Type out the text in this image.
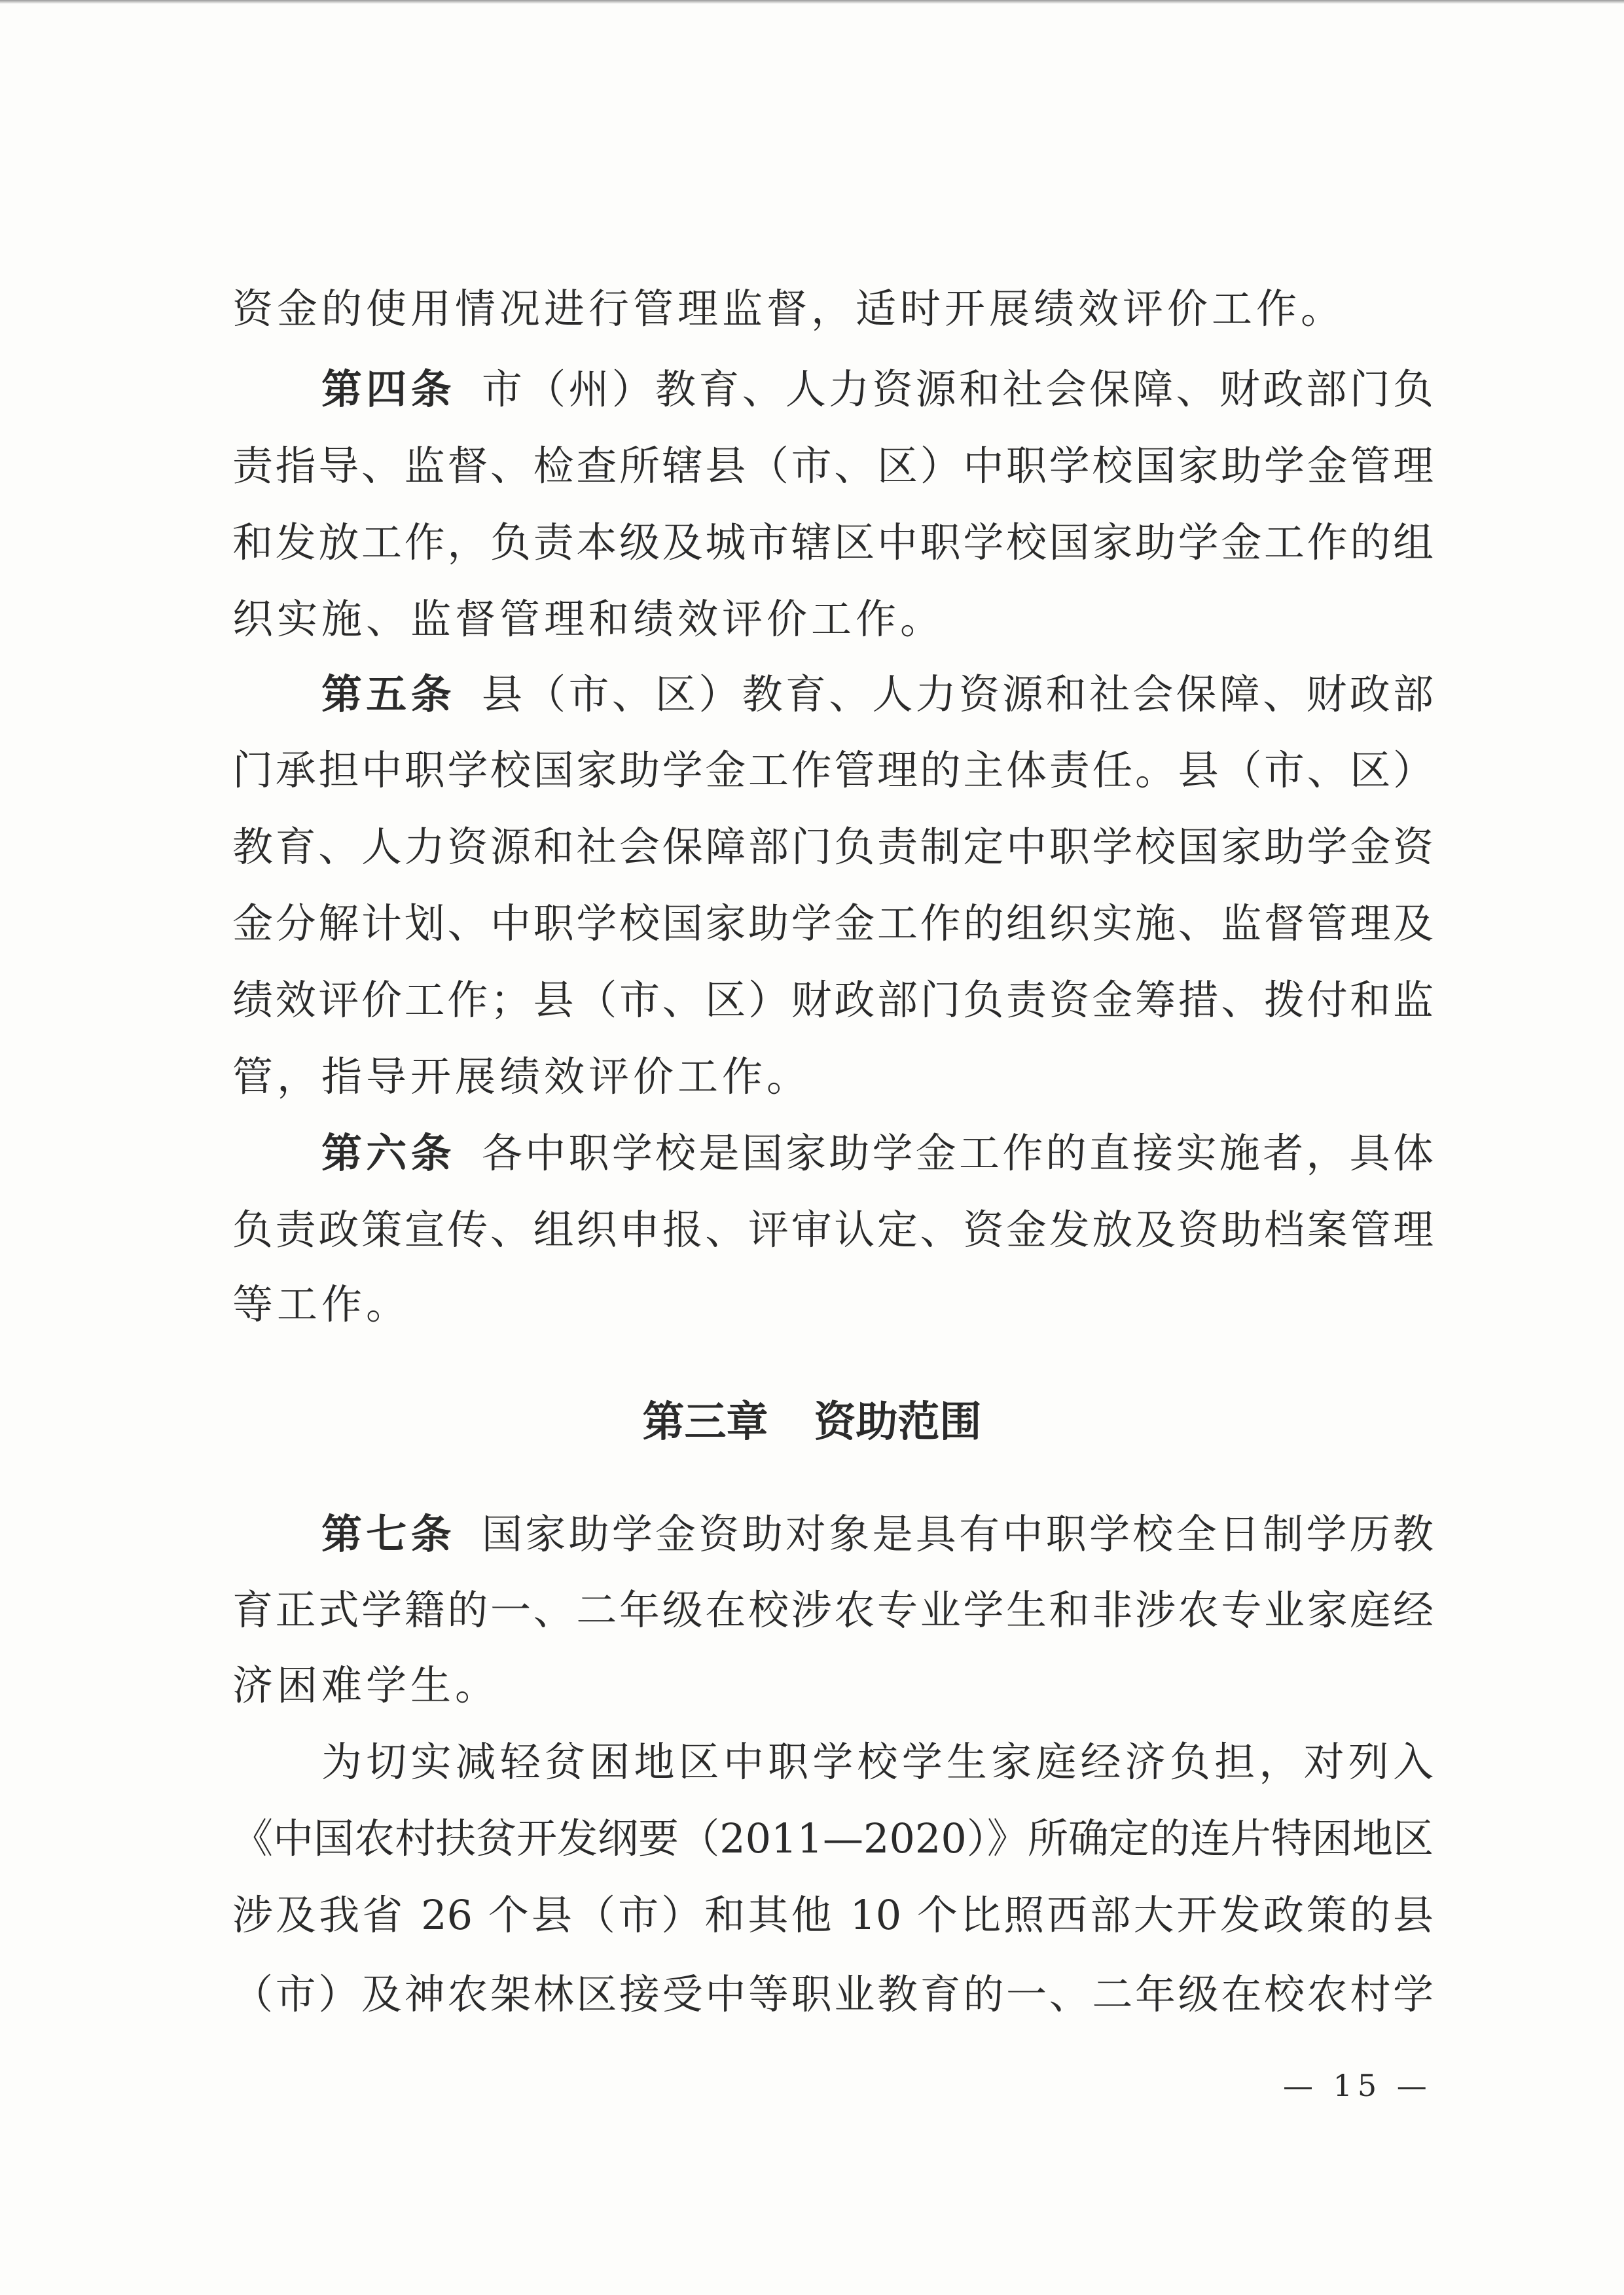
资金的使用情况进行管理监督，适时开展绩效评价工作。
第四条 市（州）教育、人力资源和社会保障、财政部门负
责指导、监督、检查所辖县（市、区）中职学校国家助学金管理
和发放工作，负责本级及城市辖区中职学校国家助学金工作的组
织实施、监督管理和绩效评价工作。
第五条 县（市、区）教育、人力资源和社会保障、财政部
门承担中职学校国家助学金工作管理的主体责任。县（市、区）
教育、人力资源和社会保障部门负责制定中职学校国家助学金资
金分解计划、中职学校国家助学金工作的组织实施、监督管理及
绩效评价工作；县（市、区）财政部门负责资金筹措、拨付和监
管，指导开展绩效评价工作。
第六条 各中职学校是国家助学金工作的直接实施者，具体
负责政策宣传、组织申报、评审认定、资金发放及资助档案管理
等工作。
第七条 国家助学金资助对象是具有中职学校全日制学历教
育正式学籍的一、二年级在校涉农专业学生和非涉农专业家庭经
济困难学生。
为切实减轻贫困地区中职学校学生家庭经济负担，对列入
《中国农村扶贫开发纲要（2011—2020）》所确定的连片特困地区
涉及我省 26 个县（市）和其他 10 个比照西部大开发政策的县
（市）及神农架林区接受中等职业教育的一、二年级在校农村学
第三章 资助范围
— 15 —
